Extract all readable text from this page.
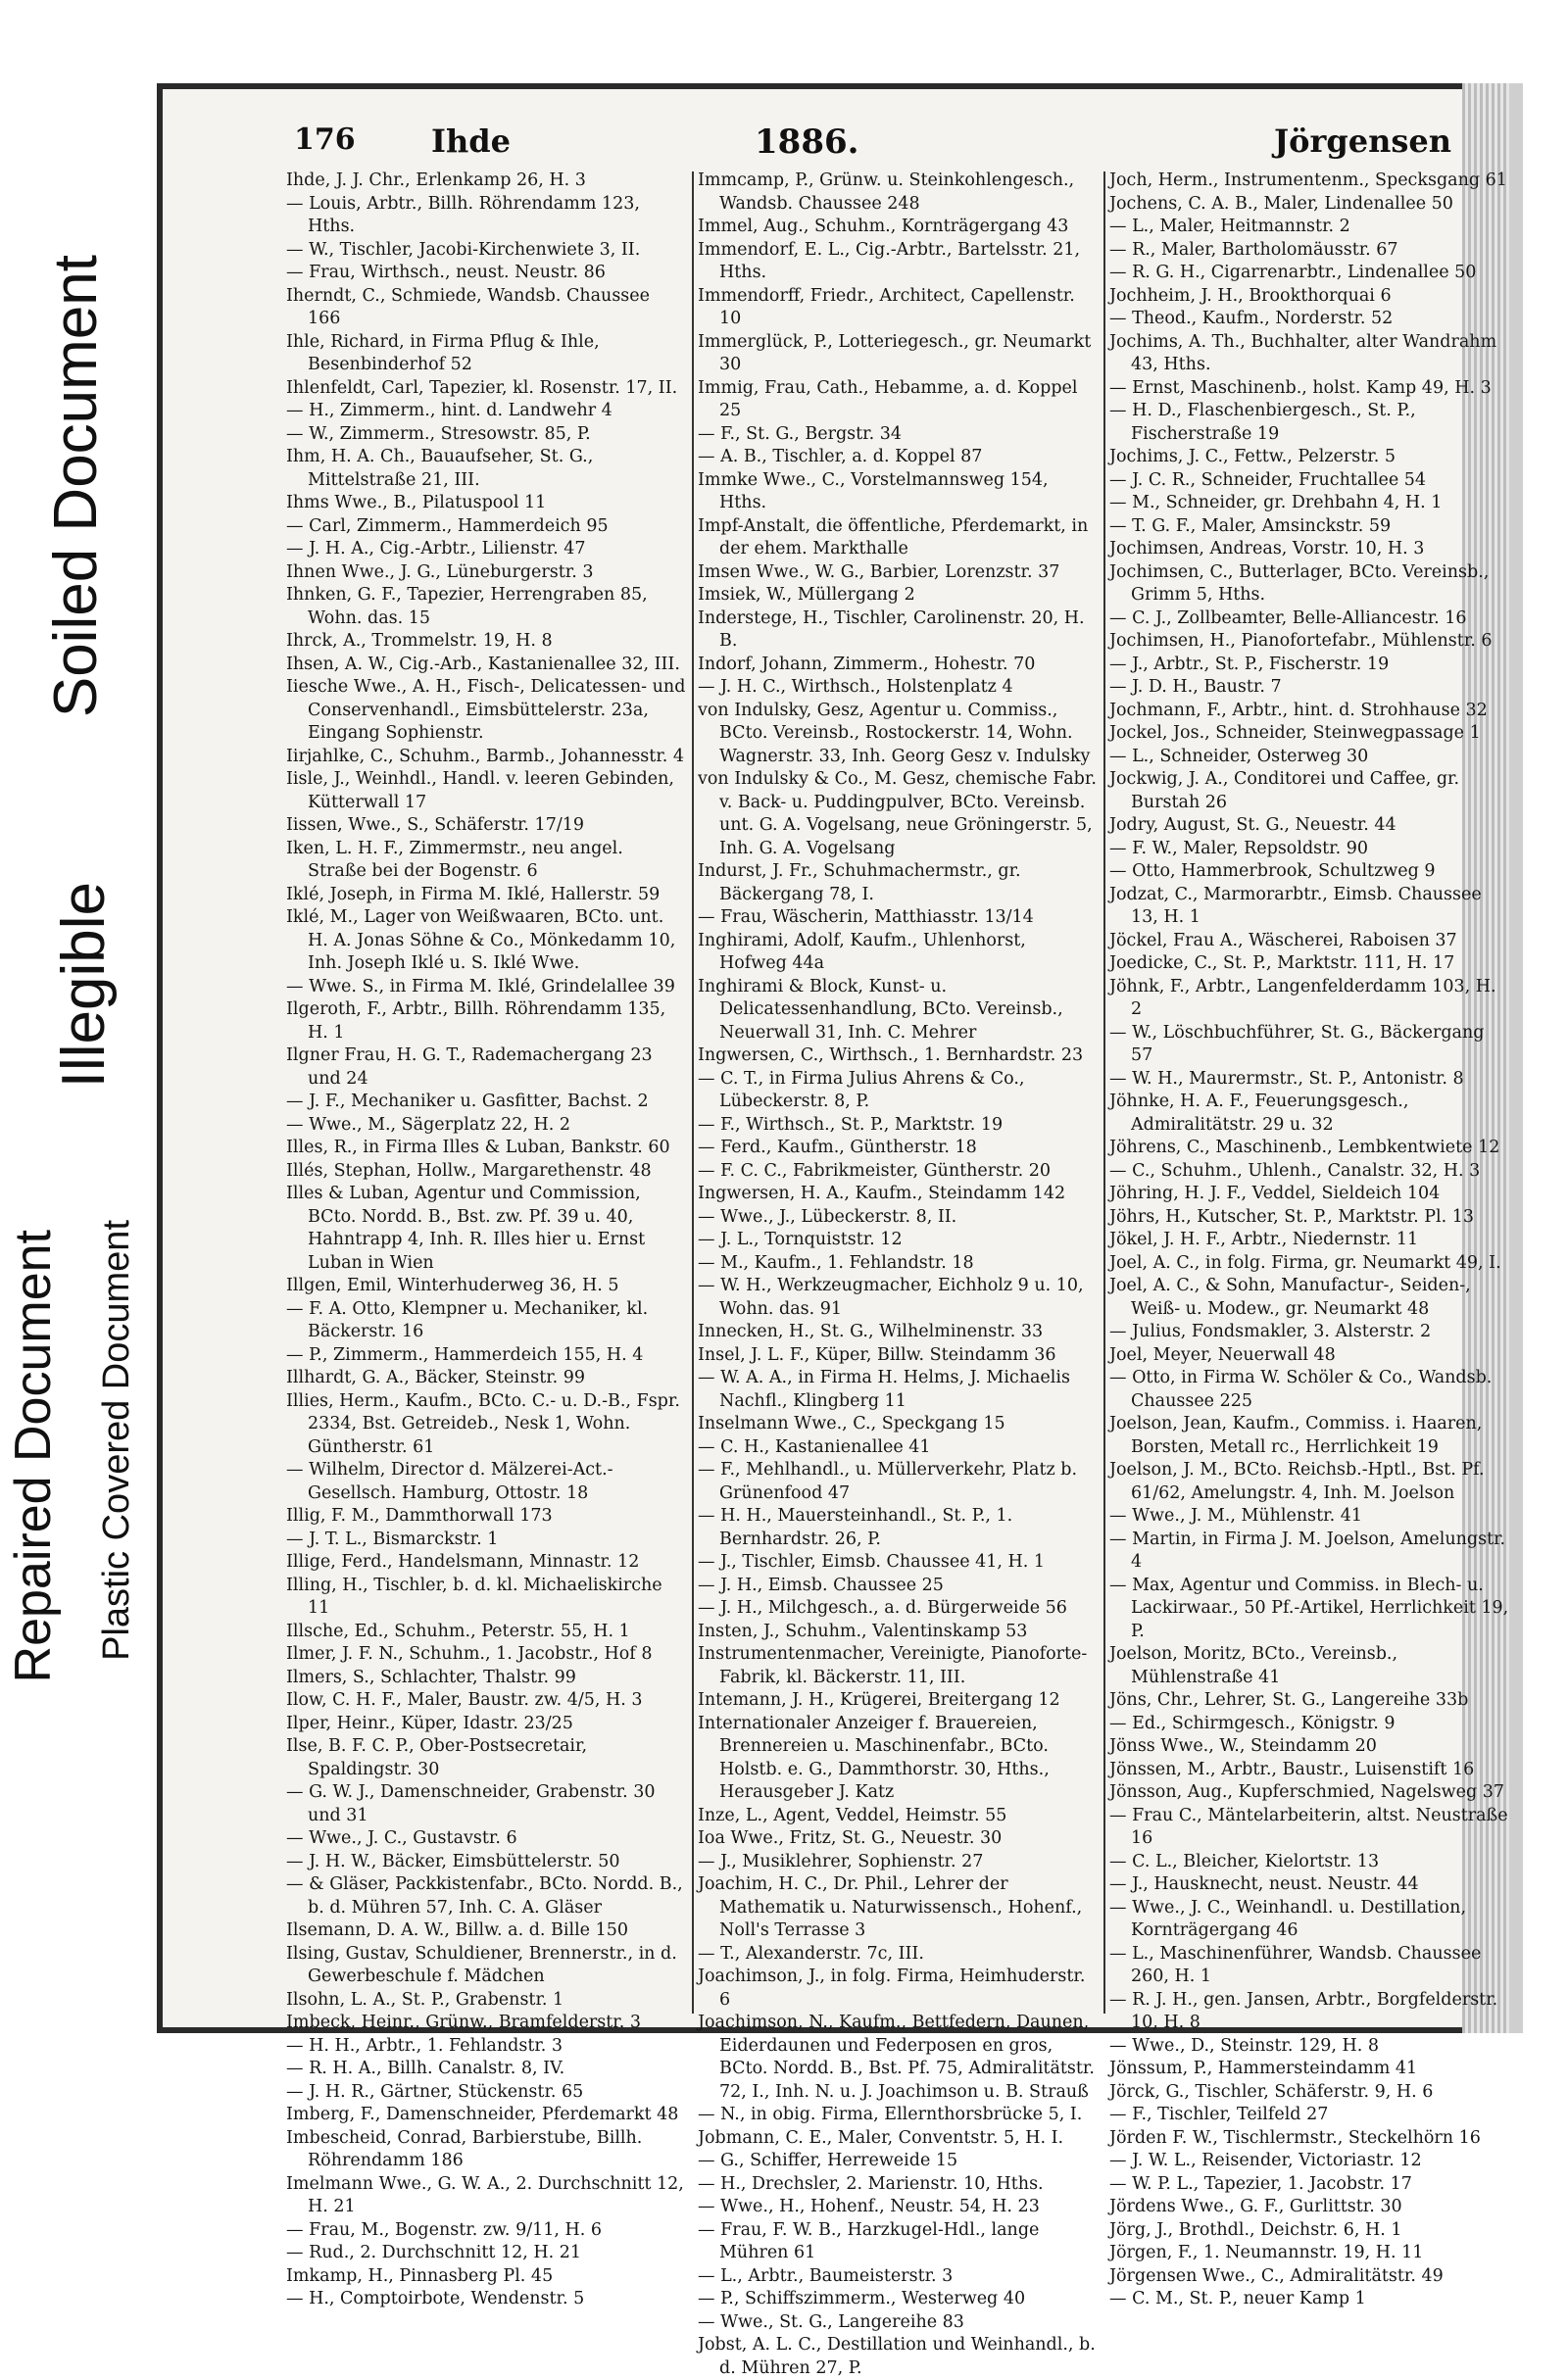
Soiled Document
Illegible
Repaired Document Plastic Covered Document
176 Ihde	1886.	Jörgensen

Ihde, J. J. Chr., Erlenkamp 26, H. 3

— Louis, Arbtr., Billh. Röhrendamm 123, Hths.

— W., Tischler, Jacobi-Kirchenwiete 3, II.

— Frau, Wirthsch., neust. Neustr. 86

Iherndt, C., Schmiede, Wandsb. Chaussee 166

Ihle, Richard, in Firma Pflug & Ihle, Besenbinderhof 52

Ihlenfeldt, Carl, Tapezier, kl. Rosenstr. 17, II.

— H., Zimmerm., hint. d. Landwehr 4

— W., Zimmerm., Stresowstr. 85, P.

Ihm, H. A. Ch., Bauaufseher, St. G., Mittelstraße 21, III.

Ihms Wwe., B., Pilatuspool 11

— Carl, Zimmerm., Hammerdeich 95

— J. H. A., Cig.-Arbtr., Lilienstr. 47

Ihnen Wwe., J. G., Lüneburgerstr. 3

Ihnken, G. F., Tapezier, Herrengraben 85, Wohn. das. 15

Ihrck, A., Trommelstr. 19, H. 8

Ihsen, A. W., Cig.-Arb., Kastanienallee 32, III.

Iiesche Wwe., A. H., Fisch-, Delicatessen- und Conservenhandl., Eimsbüttelerstr. 23a, Eingang Sophienstr.

Iirjahlke, C., Schuhm., Barmb., Johannesstr. 4

Iisle, J., Weinhdl., Handl. v. leeren Gebinden, Kütterwall 17

Iissen, Wwe., S., Schäferstr. 17/19

Iken, L. H. F., Zimmermstr., neu angel. Straße bei der Bogenstr. 6

Iklé, Joseph, in Firma M. Iklé, Hallerstr. 59

Iklé, M., Lager von Weißwaaren, BCto. unt. H. A. Jonas Söhne & Co., Mönkedamm 10, Inh. Joseph Iklé u. S. Iklé Wwe.

— Wwe. S., in Firma M. Iklé, Grindelallee 39

Ilgeroth, F., Arbtr., Billh. Röhrendamm 135, H. 1

Ilgner Frau, H. G. T., Rademachergang 23 und 24

— J. F., Mechaniker u. Gasfitter, Bachst. 2

— Wwe., M., Sägerplatz 22, H. 2

Illes, R., in Firma Illes & Luban, Bankstr. 60

Illés, Stephan, Hollw., Margarethenstr. 48

Illes & Luban, Agentur und Commission, BCto. Nordd. B., Bst. zw. Pf. 39 u. 40, Hahntrapp 4, Inh. R. Illes hier u. Ernst Luban in Wien

Illgen, Emil, Winterhuderweg 36, H. 5

— F. A. Otto, Klempner u. Mechaniker, kl. Bäckerstr. 16

— P., Zimmerm., Hammerdeich 155, H. 4

Illhardt, G. A., Bäcker, Steinstr. 99

Illies, Herm., Kaufm., BCto. C.- u. D.-B., Fspr. 2334, Bst. Getreideb., Nesk 1, Wohn. Güntherstr. 61

— Wilhelm, Director d. Mälzerei-Act.-Gesellsch. Hamburg, Ottostr. 18

Illig, F. M., Dammthorwall 173

— J. T. L., Bismarckstr. 1

Illige, Ferd., Handelsmann, Minnastr. 12

Illing, H., Tischler, b. d. kl. Michaeliskirche 11

Illsche, Ed., Schuhm., Peterstr. 55, H. 1

Ilmer, J. F. N., Schuhm., 1. Jacobstr., Hof 8

Ilmers, S., Schlachter, Thalstr. 99

Ilow, C. H. F., Maler, Baustr. zw. 4/5, H. 3

Ilper, Heinr., Küper, Idastr. 23/25

Ilse, B. F. C. P., Ober-Postsecretair, Spaldingstr. 30

— G. W. J., Damenschneider, Grabenstr. 30 und 31

— Wwe., J. C., Gustavstr. 6

— J. H. W., Bäcker, Eimsbüttelerstr. 50

— & Gläser, Packkistenfabr., BCto. Nordd. B., b. d. Mühren 57, Inh. C. A. Gläser

Ilsemann, D. A. W., Billw. a. d. Bille 150

Ilsing, Gustav, Schuldiener, Brennerstr., in d. Gewerbeschule f. Mädchen

Ilsohn, L. A., St. P., Grabenstr. 1

Imbeck, Heinr., Grünw., Bramfelderstr. 3

— H. H., Arbtr., 1. Fehlandstr. 3

— R. H. A., Billh. Canalstr. 8, IV.

— J. H. R., Gärtner, Stückenstr. 65

Imberg, F., Damenschneider, Pferdemarkt 48

Imbescheid, Conrad, Barbierstube, Billh. Röhrendamm 186

Imelmann Wwe., G. W. A., 2. Durchschnitt 12, H. 21

— Frau, M., Bogenstr. zw. 9/11, H. 6

— Rud., 2. Durchschnitt 12, H. 21

Imkamp, H., Pinnasberg Pl. 45

— H., Comptoirbote, Wendenstr. 5

Immcamp, P., Grünw. u. Steinkohlengesch., Wandsb. Chaussee 248

Immel, Aug., Schuhm., Kornträgergang 43

Immendorf, E. L., Cig.-Arbtr., Bartelsstr. 21, Hths.

Immendorff, Friedr., Architect, Capellenstr. 10

Immerglück, P., Lotteriegesch., gr. Neumarkt 30

Immig, Frau, Cath., Hebamme, a. d. Koppel 25

— F., St. G., Bergstr. 34

— A. B., Tischler, a. d. Koppel 87

Immke Wwe., C., Vorstelmannsweg 154, Hths.

Impf-Anstalt, die öffentliche, Pferdemarkt, in der ehem. Markthalle

Imsen Wwe., W. G., Barbier, Lorenzstr. 37

Imsiek, W., Müllergang 2

Inderstege, H., Tischler, Carolinenstr. 20, H. B.

Indorf, Johann, Zimmerm., Hohestr. 70

— J. H. C., Wirthsch., Holstenplatz 4

von Indulsky, Gesz, Agentur u. Commiss., BCto. Vereinsb., Rostockerstr. 14, Wohn. Wagnerstr. 33, Inh. Georg Gesz v. Indulsky

von Indulsky & Co., M. Gesz, chemische Fabr. v. Back- u. Puddingpulver, BCto. Vereinsb. unt. G. A. Vogelsang, neue Gröningerstr. 5, Inh. G. A. Vogelsang

Indurst, J. Fr., Schuhmachermstr., gr. Bäckergang 78, I.

— Frau, Wäscherin, Matthiasstr. 13/14

Inghirami, Adolf, Kaufm., Uhlenhorst, Hofweg 44a

Inghirami & Block, Kunst- u. Delicatessenhandlung, BCto. Vereinsb., Neuerwall 31, Inh. C. Mehrer

Ingwersen, C., Wirthsch., 1. Bernhardstr. 23

— C. T., in Firma Julius Ahrens & Co., Lübeckerstr. 8, P.

— F., Wirthsch., St. P., Marktstr. 19

— Ferd., Kaufm., Güntherstr. 18

— F. C. C., Fabrikmeister, Güntherstr. 20

Ingwersen, H. A., Kaufm., Steindamm 142

— Wwe., J., Lübeckerstr. 8, II.

— J. L., Tornquiststr. 12

— M., Kaufm., 1. Fehlandstr. 18

— W. H., Werkzeugmacher, Eichholz 9 u. 10, Wohn. das. 91

Innecken, H., St. G., Wilhelminenstr. 33

Insel, J. L. F., Küper, Billw. Steindamm 36

— W. A. A., in Firma H. Helms, J. Michaelis Nachfl., Klingberg 11

Inselmann Wwe., C., Speckgang 15

— C. H., Kastanienallee 41

— F., Mehlhandl., u. Müllerverkehr, Platz b. Grünenfood 47

— H. H., Mauersteinhandl., St. P., 1. Bernhardstr. 26, P.

— J., Tischler, Eimsb. Chaussee 41, H. 1

— J. H., Eimsb. Chaussee 25

— J. H., Milchgesch., a. d. Bürgerweide 56

Insten, J., Schuhm., Valentinskamp 53

Instrumentenmacher, Vereinigte, Pianoforte-Fabrik, kl. Bäckerstr. 11, III.

Intemann, J. H., Krügerei, Breitergang 12

Internationaler Anzeiger f. Brauereien, Brennereien u. Maschinenfabr., BCto. Holstb. e. G., Dammthorstr. 30, Hths., Herausgeber J. Katz

Inze, L., Agent, Veddel, Heimstr. 55

Ioa Wwe., Fritz, St. G., Neuestr. 30

— J., Musiklehrer, Sophienstr. 27

Joachim, H. C., Dr. Phil., Lehrer der Mathematik u. Naturwissensch., Hohenf., Noll's Terrasse 3

— T., Alexanderstr. 7c, III.

Joachimson, J., in folg. Firma, Heimhuderstr. 6

Joachimson, N., Kaufm., Bettfedern, Daunen, Eiderdaunen und Federposen en gros, BCto. Nordd. B., Bst. Pf. 75, Admiralitätstr. 72, I., Inh. N. u. J. Joachimson u. B. Strauß

— N., in obig. Firma, Ellernthorsbrücke 5, I.

Jobmann, C. E., Maler, Conventstr. 5, H. I.

— G., Schiffer, Herreweide 15

— H., Drechsler, 2. Marienstr. 10, Hths.

— Wwe., H., Hohenf., Neustr. 54, H. 23

— Frau, F. W. B., Harzkugel-Hdl., lange Mühren 61

— L., Arbtr., Baumeisterstr. 3

— P., Schiffszimmerm., Westerweg 40

— Wwe., St. G., Langereihe 83

Jobst, A. L. C., Destillation und Weinhandl., b. d. Mühren 27, P.

Joch, Herm., Instrumentenm., Specksgang 61

Jochens, C. A. B., Maler, Lindenallee 50

— L., Maler, Heitmannstr. 2

— R., Maler, Bartholomäusstr. 67

— R. G. H., Cigarrenarbtr., Lindenallee 50

Jochheim, J. H., Brookthorquai 6

— Theod., Kaufm., Norderstr. 52

Jochims, A. Th., Buchhalter, alter Wandrahm 43, Hths.

— Ernst, Maschinenb., holst. Kamp 49, H. 3

— H. D., Flaschenbiergesch., St. P., Fischerstraße 19

Jochims, J. C., Fettw., Pelzerstr. 5

— J. C. R., Schneider, Fruchtallee 54

— M., Schneider, gr. Drehbahn 4, H. 1

— T. G. F., Maler, Amsinckstr. 59

Jochimsen, Andreas, Vorstr. 10, H. 3

Jochimsen, C., Butterlager, BCto. Vereinsb., Grimm 5, Hths.

— C. J., Zollbeamter, Belle-Alliancestr. 16

Jochimsen, H., Pianofortefabr., Mühlenstr. 6

— J., Arbtr., St. P., Fischerstr. 19

— J. D. H., Baustr. 7

Jochmann, F., Arbtr., hint. d. Strohhause 32

Jockel, Jos., Schneider, Steinwegpassage 1

— L., Schneider, Osterweg 30

Jockwig, J. A., Conditorei und Caffee, gr. Burstah 26

Jodry, August, St. G., Neuestr. 44

— F. W., Maler, Repsoldstr. 90

— Otto, Hammerbrook, Schultzweg 9

Jodzat, C., Marmorarbtr., Eimsb. Chaussee 13, H. 1

Jöckel, Frau A., Wäscherei, Raboisen 37

Joedicke, C., St. P., Marktstr. 111, H. 17

Jöhnk, F., Arbtr., Langenfelderdamm 103, H. 2

— W., Löschbuchführer, St. G., Bäckergang 57

— W. H., Maurermstr., St. P., Antonistr. 8

Jöhnke, H. A. F., Feuerungsgesch., Admiralitätstr. 29 u. 32

Jöhrens, C., Maschinenb., Lembkentwiete 12

— C., Schuhm., Uhlenh., Canalstr. 32, H. 3

Jöhring, H. J. F., Veddel, Sieldeich 104

Jöhrs, H., Kutscher, St. P., Marktstr. Pl. 13

Jökel, J. H. F., Arbtr., Niedernstr. 11

Joel, A. C., in folg. Firma, gr. Neumarkt 49, I.

Joel, A. C., & Sohn, Manufactur-, Seiden-, Weiß- u. Modew., gr. Neumarkt 48

— Julius, Fondsmakler, 3. Alsterstr. 2

Joel, Meyer, Neuerwall 48

— Otto, in Firma W. Schöler & Co., Wandsb. Chaussee 225

Joelson, Jean, Kaufm., Commiss. i. Haaren, Borsten, Metall rc., Herrlichkeit 19

Joelson, J. M., BCto. Reichsb.-Hptl., Bst. Pf. 61/62, Amelungstr. 4, Inh. M. Joelson

— Wwe., J. M., Mühlenstr. 41

— Martin, in Firma J. M. Joelson, Amelungstr. 4

— Max, Agentur und Commiss. in Blech- u. Lackirwaar., 50 Pf.-Artikel, Herrlichkeit 19, P.

Joelson, Moritz, BCto., Vereinsb., Mühlenstraße 41

Jöns, Chr., Lehrer, St. G., Langereihe 33b

— Ed., Schirmgesch., Königstr. 9

Jönss Wwe., W., Steindamm 20

Jönssen, M., Arbtr., Baustr., Luisenstift 16

Jönsson, Aug., Kupferschmied, Nagelsweg 37

— Frau C., Mäntelarbeiterin, altst. Neustraße 16

— C. L., Bleicher, Kielortstr. 13

— J., Hausknecht, neust. Neustr. 44

— Wwe., J. C., Weinhandl. u. Destillation, Kornträgergang 46

— L., Maschinenführer, Wandsb. Chaussee 260, H. 1

— R. J. H., gen. Jansen, Arbtr., Borgfelderstr. 10, H. 8

— Wwe., D., Steinstr. 129, H. 8

Jönssum, P., Hammersteindamm 41

Jörck, G., Tischler, Schäferstr. 9, H. 6

— F., Tischler, Teilfeld 27

Jörden F. W., Tischlermstr., Steckelhörn 16

— J. W. L., Reisender, Victoriastr. 12

— W. P. L., Tapezier, 1. Jacobstr. 17

Jördens Wwe., G. F., Gurlittstr. 30

Jörg, J., Brothdl., Deichstr. 6, H. 1

Jörgen, F., 1. Neumannstr. 19, H. 11

Jörgensen Wwe., C., Admiralitätstr. 49

— C. M., St. P., neuer Kamp 1
